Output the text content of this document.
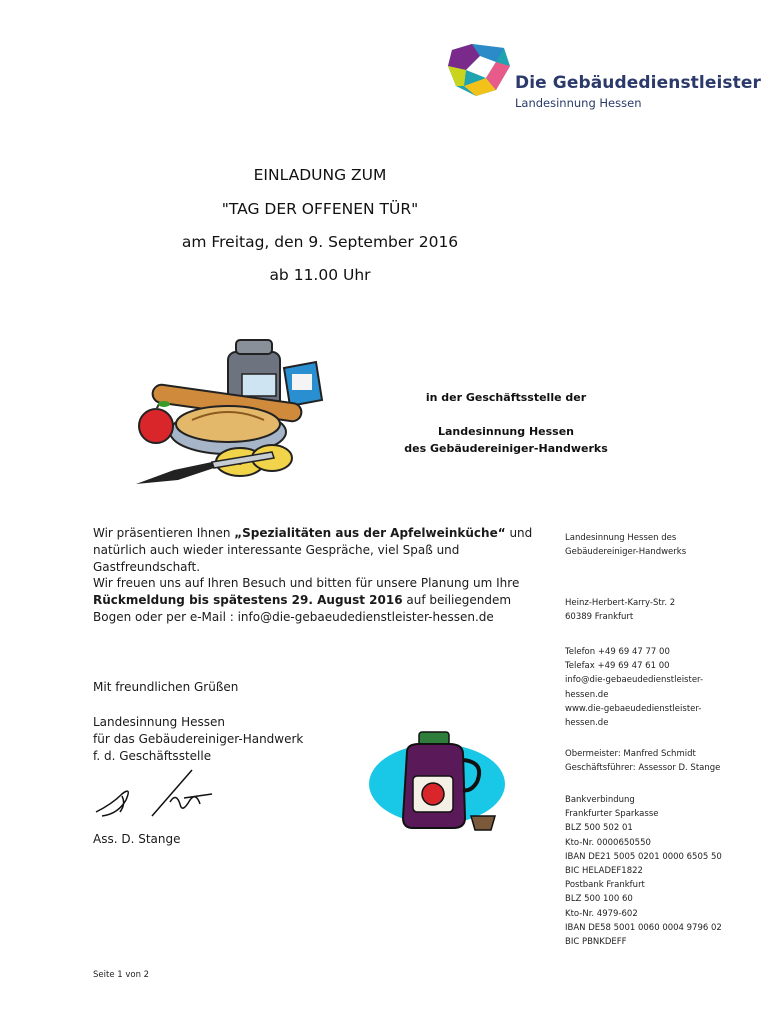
Die Gebäudedienstleister
Landesinnung Hessen
EINLADUNG ZUM
"TAG DER OFFENEN TÜR"
am Freitag, den 9. September 2016
ab 11.00 Uhr
in der Geschäftsstelle der
Landesinnung Hessen
des Gebäudereiniger-Handwerks
Wir präsentieren Ihnen „Spezialitäten aus der Apfelweinküche“ und natürlich auch wieder interessante Gespräche, viel Spaß und Gastfreundschaft.
Wir freuen uns auf Ihren Besuch und bitten für unsere Planung um Ihre Rückmeldung bis spätestens 29. August 2016 auf beiliegendem Bogen oder per e-Mail : info@die-gebaeudedienstleister-hessen.de
Mit freundlichen Grüßen
Landesinnung Hessen
für das Gebäudereiniger-Handwerk
f. d. Geschäftsstelle
Ass. D. Stange
Landesinnung Hessen des
Gebäudereiniger-Handwerks
Heinz-Herbert-Karry-Str. 2
60389 Frankfurt
Telefon +49 69 47 77 00
Telefax +49 69 47 61 00
info@die-gebaeudedienstleister-
hessen.de
www.die-gebaeudedienstleister-
hessen.de
Obermeister: Manfred Schmidt
Geschäftsführer: Assessor D. Stange
Bankverbindung
Frankfurter Sparkasse
BLZ 500 502 01
Kto-Nr. 0000650550
IBAN DE21 5005 0201 0000 6505 50
BIC HELADEF1822
Postbank Frankfurt
BLZ 500 100 60
Kto-Nr. 4979-602
IBAN DE58 5001 0060 0004 9796 02
BIC PBNKDEFF
Seite 1 von 2
